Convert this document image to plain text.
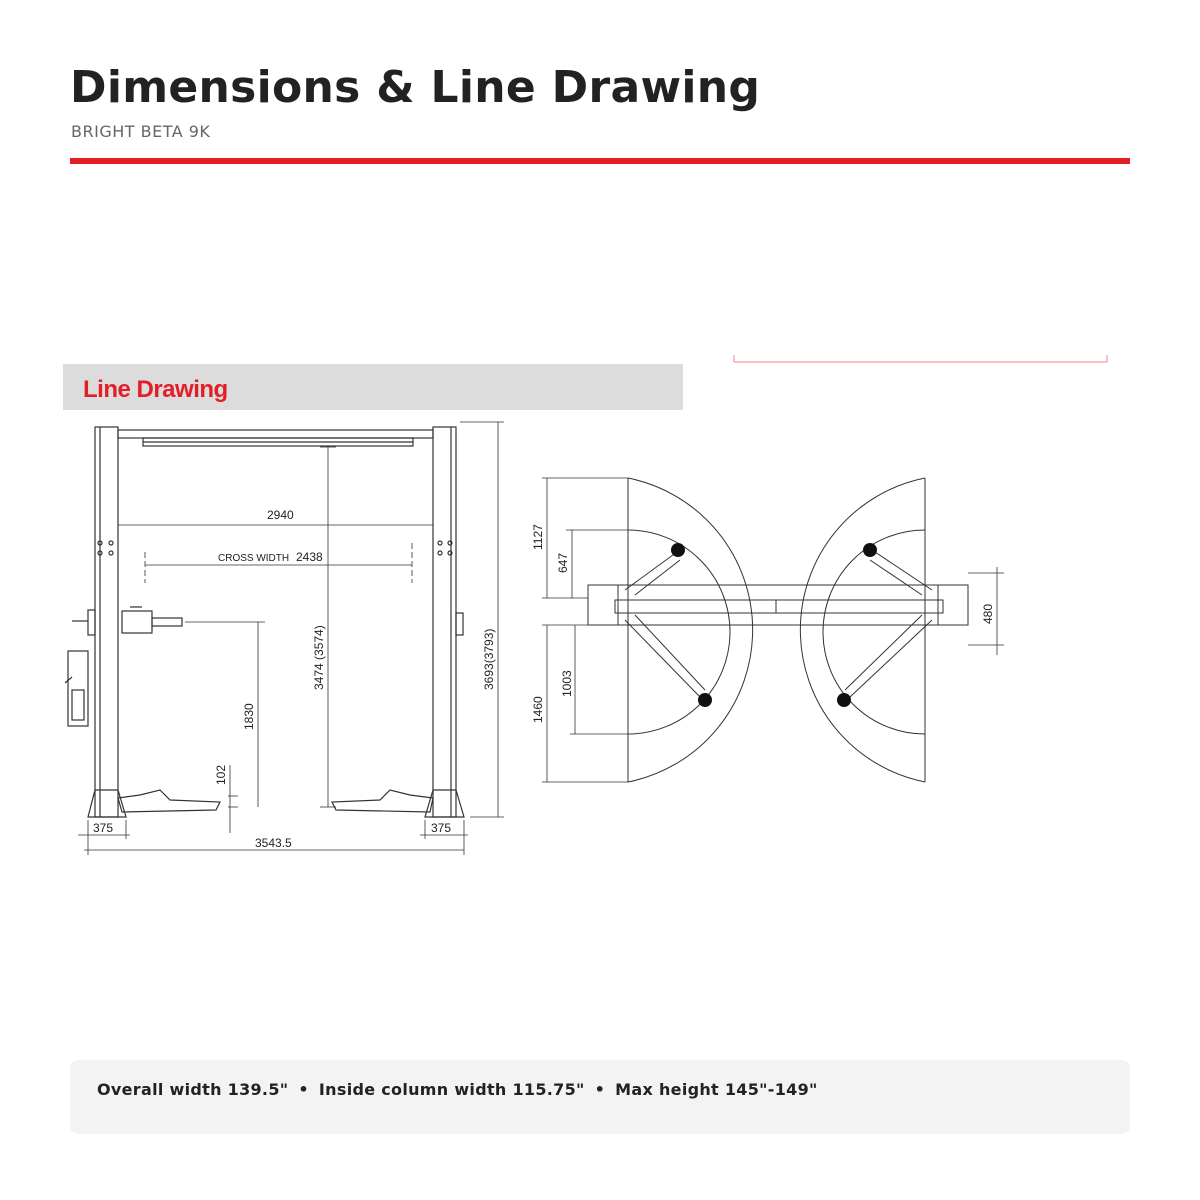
Dimensions & Line Drawing
BRIGHT BETA 9K
Line Drawing
2940
CROSS WIDTH 2438
1830
102
3474 (3574)	3693(3793)
375	375
3543.5
1127
647
1003
1460
480
Overall width 139.5" • Inside column width 115.75" • Max height 145"-149"
